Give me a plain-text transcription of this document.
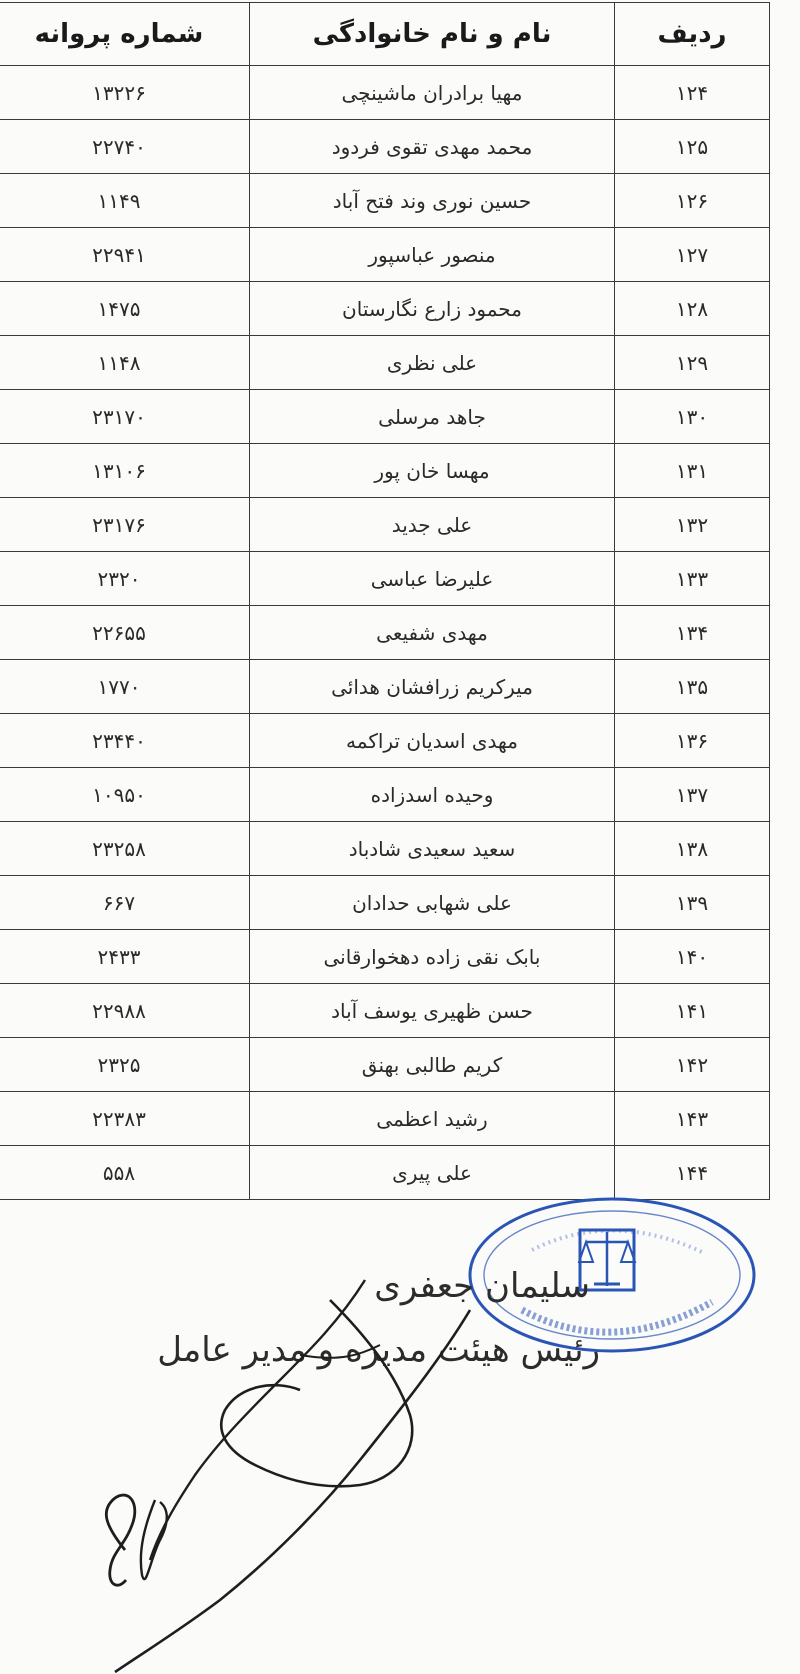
ردیف	نام و نام خانوادگی	شماره پروانه
۱۲۴	مهیا برادران ماشینچی	۱۳۲۲۶
۱۲۵	محمد مهدی تقوی فردود	۲۲۷۴۰
۱۲۶	حسین نوری وند فتح آباد	۱۱۴۹
۱۲۷	منصور عباسپور	۲۲۹۴۱
۱۲۸	محمود زارع نگارستان	۱۴۷۵
۱۲۹	علی نظری	۱۱۴۸
۱۳۰	جاهد مرسلی	۲۳۱۷۰
۱۳۱	مهسا خان پور	۱۳۱۰۶
۱۳۲	علی جدید	۲۳۱۷۶
۱۳۳	علیرضا عباسی	۲۳۲۰
۱۳۴	مهدی شفیعی	۲۲۶۵۵
۱۳۵	میرکریم زرافشان هدائی	۱۷۷۰
۱۳۶	مهدی اسدیان تراکمه	۲۳۴۴۰
۱۳۷	وحیده اسدزاده	۱۰۹۵۰
۱۳۸	سعید سعیدی شادباد	۲۳۲۵۸
۱۳۹	علی شهابی حدادان	۶۶۷
۱۴۰	بابک نقی زاده دهخوارقانی	۲۴۳۳
۱۴۱	حسن ظهیری یوسف آباد	۲۲۹۸۸
۱۴۲	کریم طالبی بهنق	۲۳۲۵
۱۴۳	رشید اعظمی	۲۲۳۸۳
۱۴۴	علی پیری	۵۵۸
سلیمان جعفری
رئیس هیئت مدیره و مدیر عامل
